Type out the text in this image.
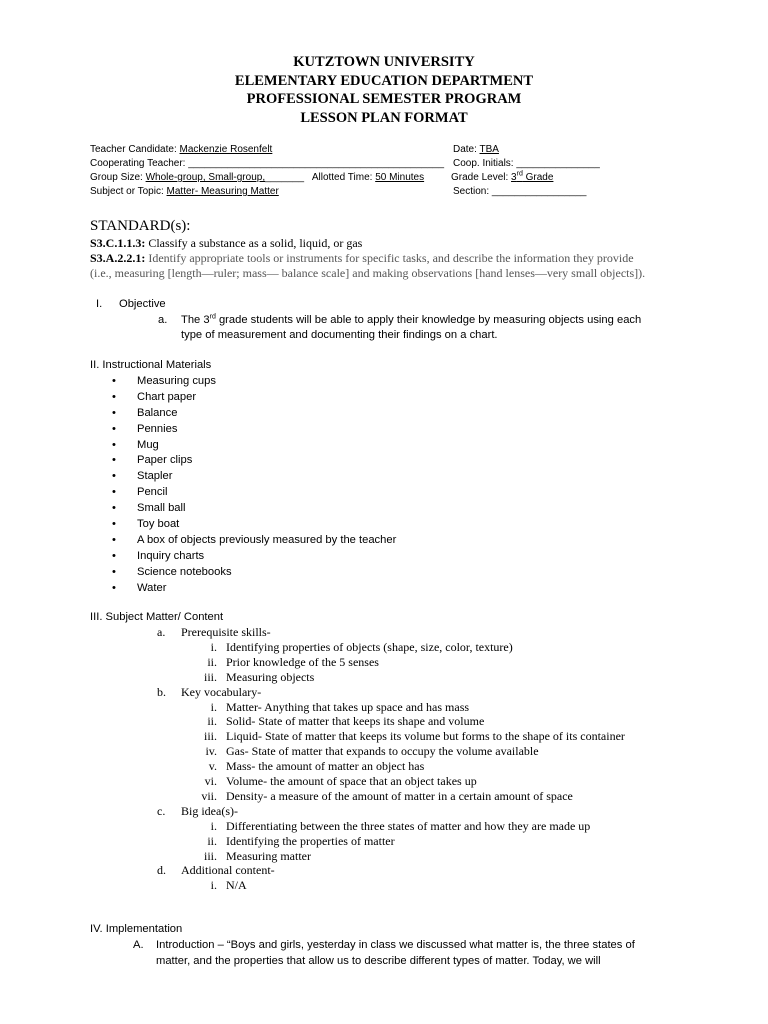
KUTZTOWN UNIVERSITY
ELEMENTARY EDUCATION DEPARTMENT
PROFESSIONAL SEMESTER PROGRAM
LESSON PLAN FORMAT
Teacher Candidate: Mackenzie Rosenfelt
Cooperating Teacher: ______________________________________________
Group Size: Whole-group, Small-group,_______ Allotted Time: 50 Minutes
Subject or Topic: Matter- Measuring Matter
Date: TBA
Coop. Initials: _______________
Grade Level: 3rd Grade
Section: _________________
STANDARD(s):
S3.C.1.1.3: Classify a substance as a solid, liquid, or gas
S3.A.2.2.1: Identify appropriate tools or instruments for specific tasks, and describe the information they provide
(i.e., measuring [length—ruler; mass— balance scale] and making observations [hand lenses—very small objects]).
I. Objective
a. The 3rd grade students will be able to apply their knowledge by measuring objects using each
type of measurement and documenting their findings on a chart.
II. Instructional Materials
• Measuring cups
• Chart paper
• Balance
• Pennies
• Mug
• Paper clips
• Stapler
• Pencil
• Small ball
• Toy boat
• A box of objects previously measured by the teacher
• Inquiry charts
• Science notebooks
• Water
III. Subject Matter/ Content
a. Prerequisite skills-
i. Identifying properties of objects (shape, size, color, texture)
ii. Prior knowledge of the 5 senses
iii. Measuring objects
b. Key vocabulary-
i. Matter- Anything that takes up space and has mass
ii. Solid- State of matter that keeps its shape and volume
iii. Liquid- State of matter that keeps its volume but forms to the shape of its container
iv. Gas- State of matter that expands to occupy the volume available
v. Mass- the amount of matter an object has
vi. Volume- the amount of space that an object takes up
vii. Density- a measure of the amount of matter in a certain amount of space
c. Big idea(s)-
i. Differentiating between the three states of matter and how they are made up
ii. Identifying the properties of matter
iii. Measuring matter
d. Additional content-
i. N/A
IV. Implementation
A. Introduction – “Boys and girls, yesterday in class we discussed what matter is, the three states of
matter, and the properties that allow us to describe different types of matter. Today, we will
